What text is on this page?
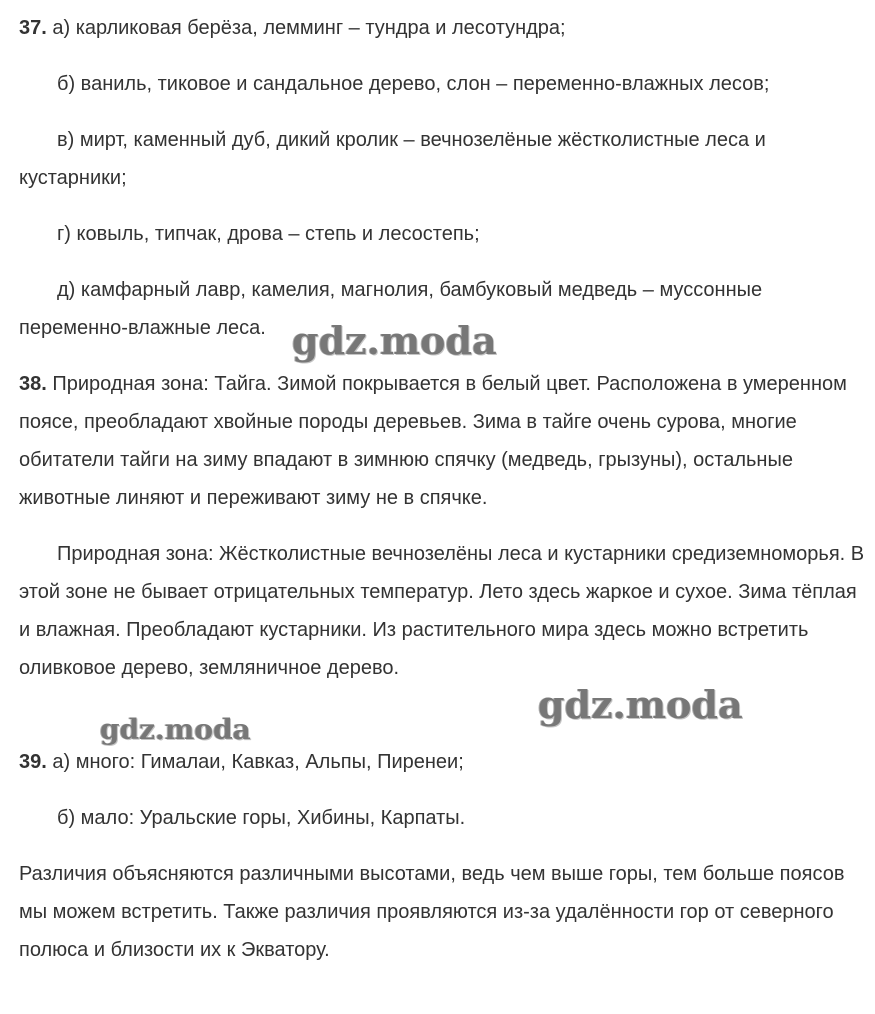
37. а) карликовая берёза, лемминг – тундра и лесотундра;

б) ваниль, тиковое и сандальное дерево, слон – переменно-влажных лесов;

в) мирт, каменный дуб, дикий кролик – вечнозелёные жёстколистные леса и кустарники;

г) ковыль, типчак, дрова – степь и лесостепь;

д) камфарный лавр, камелия, магнолия, бамбуковый медведь – муссонные переменно-влажные леса.

38. Природная зона: Тайга. Зимой покрывается в белый цвет. Расположена в умеренном поясе, преобладают хвойные породы деревьев. Зима в тайге очень сурова, многие обитатели тайги на зиму впадают в зимнюю спячку (медведь, грызуны), остальные животные линяют и переживают зиму не в спячке.

Природная зона: Жёстколистные вечнозелёны леса и кустарники средиземноморья. В этой зоне не бывает отрицательных температур. Лето здесь жаркое и сухое. Зима тёплая и влажная. Преобладают кустарники. Из растительного мира здесь можно встретить оливковое дерево, земляничное дерево.

39. а) много: Гималаи, Кавказ, Альпы, Пиренеи;

б) мало: Уральские горы, Хибины, Карпаты.

Различия объясняются различными высотами, ведь чем выше горы, тем больше поясов мы можем встретить. Также различия проявляются из-за удалённости гор от северного полюса и близости их к Экватору.

gdz.moda
gdz.moda
gdz.moda
